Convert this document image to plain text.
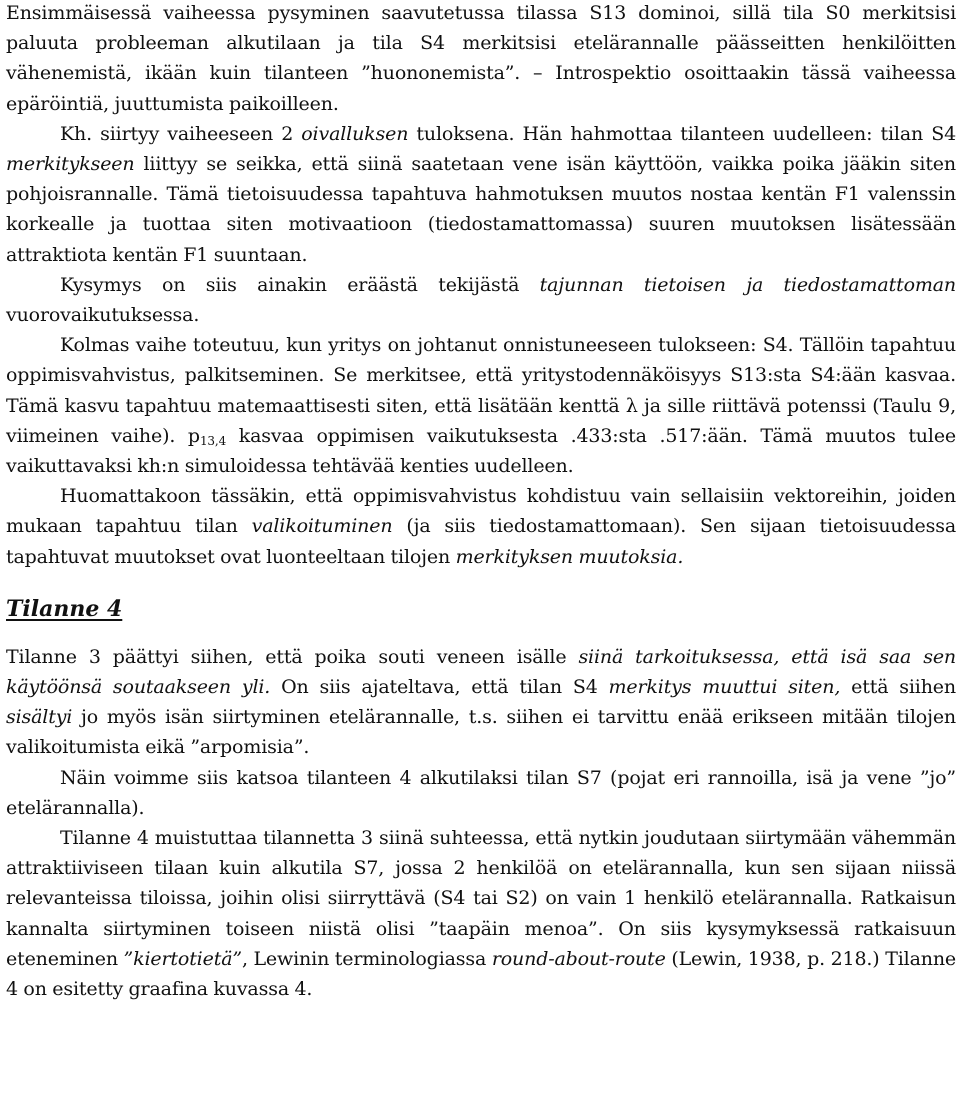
Ensimmäisessä vaiheessa pysyminen saavutetussa tilassa S13 dominoi, sillä tila S0 merkitsisi paluuta probleeman alkutilaan ja tila S4 merkitsisi etelärannalle päässeitten henkilöitten vähenemistä, ikään kuin tilanteen ”huononemista”. – Introspektio osoittaakin tässä vaiheessa epäröintiä, juuttumista paikoilleen.

Kh. siirtyy vaiheeseen 2 oivalluksen tuloksena. Hän hahmottaa tilanteen uudelleen: tilan S4 merkitykseen liittyy se seikka, että siinä saatetaan vene isän käyttöön, vaikka poika jääkin siten pohjoisrannalle. Tämä tietoisuudessa tapahtuva hahmotuksen muutos nostaa kentän F1 valenssin korkealle ja tuottaa siten motivaatioon (tiedostamattomassa) suuren muutoksen lisätessään attraktiota kentän F1 suuntaan.

Kysymys on siis ainakin eräästä tekijästä tajunnan tietoisen ja tiedostamattoman vuorovaikutuksessa.

Kolmas vaihe toteutuu, kun yritys on johtanut onnistuneeseen tulokseen: S4. Tällöin tapahtuu oppimisvahvistus, palkitseminen. Se merkitsee, että yritystodennäköisyys S13:sta S4:ään kasvaa. Tämä kasvu tapahtuu matemaattisesti siten, että lisätään kenttä λ ja sille riittävä potenssi (Taulu 9, viimeinen vaihe). $p_{13,4}$ kasvaa oppimisen vaikutuksesta .433:sta .517:ään. Tämä muutos tulee vaikuttavaksi kh:n simuloidessa tehtävää kenties uudelleen.

Huomattakoon tässäkin, että oppimisvahvistus kohdistuu vain sellaisiin vektoreihin, joiden mukaan tapahtuu tilan valikoituminen (ja siis tiedostamattomaan). Sen sijaan tietoisuudessa tapahtuvat muutokset ovat luonteeltaan tilojen merkityksen muutoksia.

Tilanne 4

Tilanne 3 päättyi siihen, että poika souti veneen isälle siinä tarkoituksessa, että isä saa sen käytöönsä soutaakseen yli. On siis ajateltava, että tilan S4 merkitys muuttui siten, että siihen sisältyi jo myös isän siirtyminen etelärannalle, t.s. siihen ei tarvittu enää erikseen mitään tilojen valikoitumista eikä ”arpomisia”.

Näin voimme siis katsoa tilanteen 4 alkutilaksi tilan S7 (pojat eri rannoilla, isä ja vene ”jo” etelärannalla).

Tilanne 4 muistuttaa tilannetta 3 siinä suhteessa, että nytkin joudutaan siirtymään vähemmän attraktiiviseen tilaan kuin alkutila S7, jossa 2 henkilöä on etelärannalla, kun sen sijaan niissä relevanteissa tiloissa, joihin olisi siirryttävä (S4 tai S2) on vain 1 henkilö etelärannalla. Ratkaisun kannalta siirtyminen toiseen niistä olisi ”taapäin menoa”. On siis kysymyksessä ratkaisuun eteneminen ”kiertotietä”, Lewinin terminologiassa round-about-route (Lewin, 1938, p. 218.) Tilanne 4 on esitetty graafina kuvassa 4.
